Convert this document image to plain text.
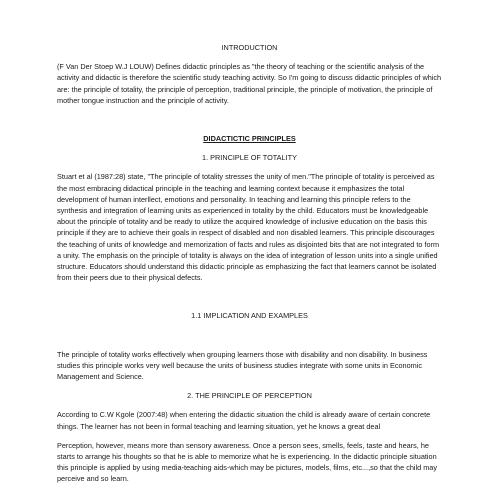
INTRODUCTION

(F Van Der Stoep W.J LOUW) Defines didactic principles as "the theory of teaching or the scientific analysis of the activity and didactic is therefore the scientific study teaching activity. So I'm going to discuss didactic principles of which are: the principle of totality, the principle of perception, traditional principle, the principle of motivation, the principle of mother tongue instruction and the principle of activity.

DIDACTICTIC PRINCIPLES

1. PRINCIPLE OF TOTALITY

Stuart et al (1987:28) state, "The principle of totality stresses the unity of men."The principle of totality is perceived as the most embracing didactical principle in the teaching and learning context because it emphasizes the total development of human interllect, emotions and personality. In teaching and learning this principle refers to the synthesis and integration of learning units as experienced in totality by the child. Educators must be knowledgeable about the principle of totality and be ready to utilize the acquired knowledge of inclusive education on the basis this principle if they are to achieve their goals in respect of disabled and non disabled learners. This principle discourages the teaching of units of knowledge and memorization of facts and rules as disjointed bits that are not integrated to form a unity. The emphasis on the principle of totality is always on the idea of integration of lesson units into a single unified structure. Educators should understand this didactic principle as emphasizing the fact that learners cannot be isolated from their peers due to their physical defects.

1.1 IMPLICATION AND EXAMPLES

The principle of totality works effectively when grouping learners those with disability and non disability. In business studies this principle works very well because the units of business studies integrate with some units in Economic Management and Science.

2. THE PRINCIPLE OF PERCEPTION

According to C.W Kgole (2007:48) when entering the didactic situation the child is already aware of certain concrete things. The learner has not been in formal teaching and learning situation, yet he knows a great deal

Perception, however, means more than sensory awareness. Once a person sees, smells, feels, taste and hears, he starts to arrange his thoughts so that he is able to memorize what he is experiencing. In the didactic principle situation this principle is applied by using media-teaching aids-which may be pictures, models, films, etc...,so that the child may perceive and so learn.
